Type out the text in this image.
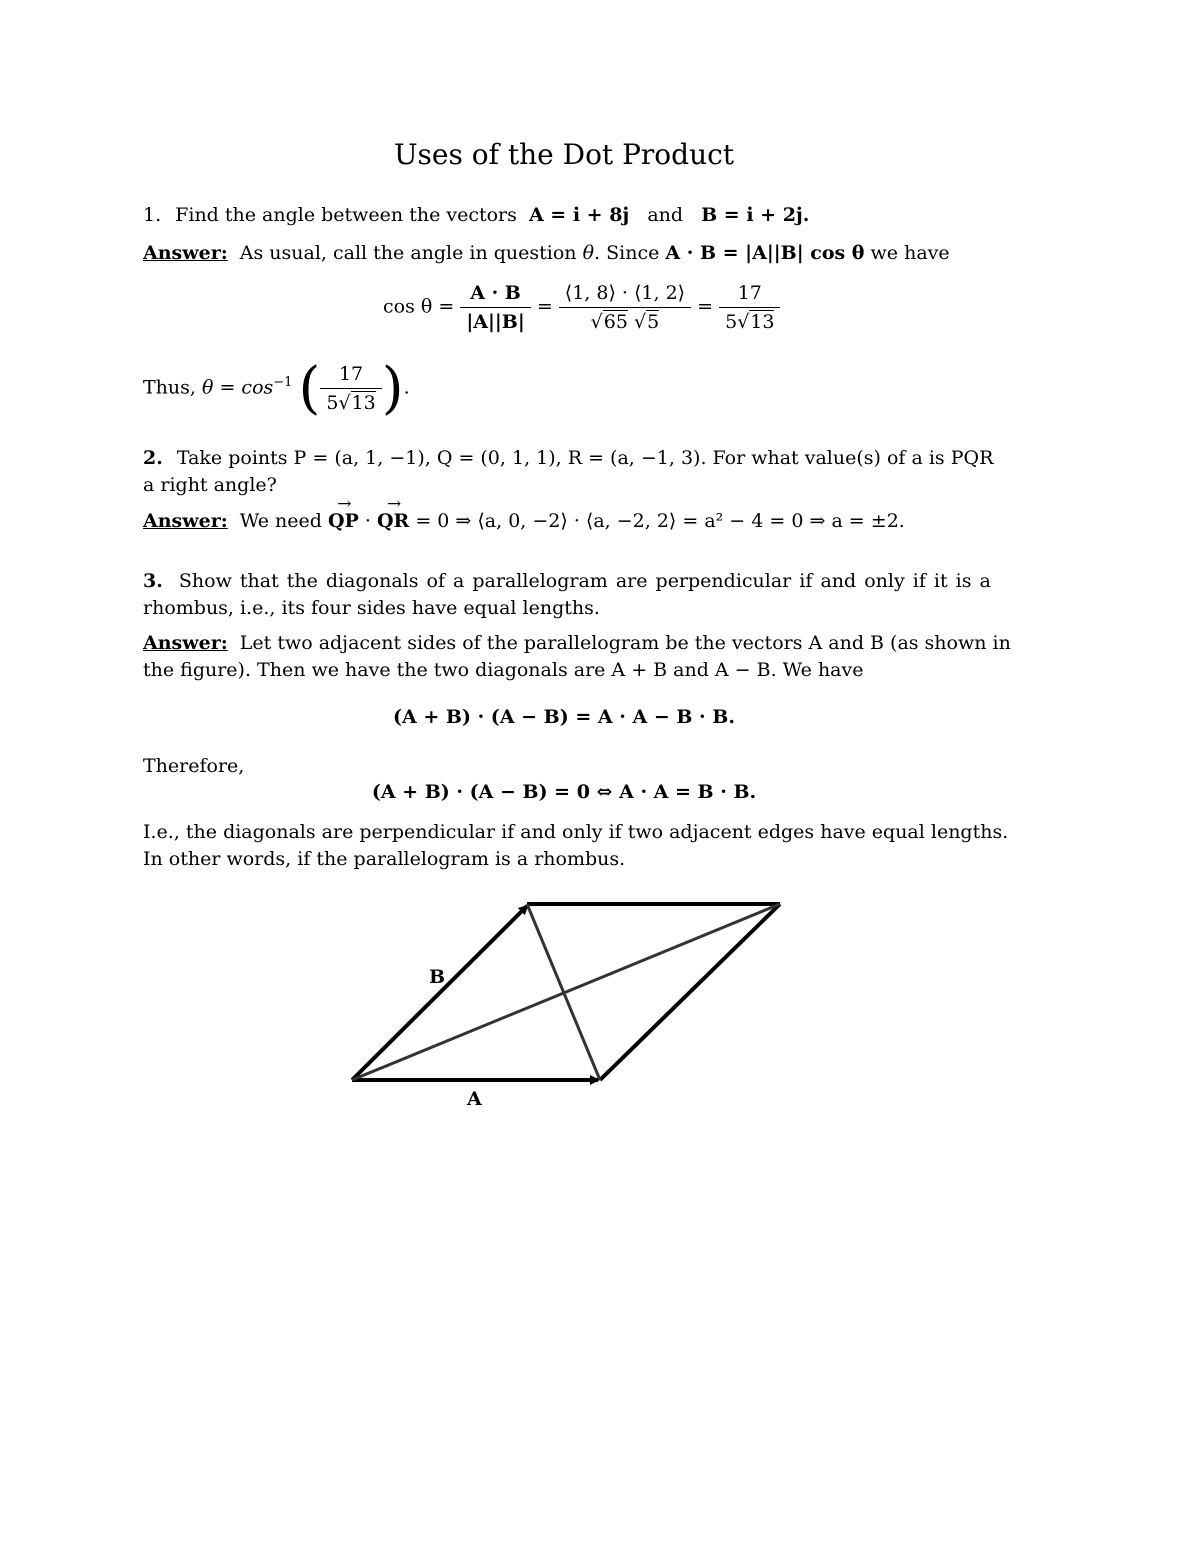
Uses of the Dot Product
1. Find the angle between the vectors A = i + 8j and B = i + 2j.
Answer: As usual, call the angle in question θ. Since A · B = |A||B| cos θ we have
$\cos \theta = \frac{A \cdot B}{|A||B|} = \frac{⟨1, 8⟩ \cdot ⟨1, 2⟩}{√65 √5} = \frac{17}{5√13}$
Thus, $\theta = \cos^{-1}$ ( $\frac{17}{5√13}$ ).
2. Take points P = (a, 1, −1), Q = (0, 1, 1), R = (a, −1, 3). For what value(s) of a is PQR
a right angle?
Answer: We need → QP · → QR = 0 ⇒ ⟨a, 0, −2⟩ · ⟨a, −2, 2⟩ = a² − 4 = 0 ⇒ a = ±2.
3. Show that the diagonals of a parallelogram are perpendicular if and only if it is a
rhombus, i.e., its four sides have equal lengths.
Answer: Let two adjacent sides of the parallelogram be the vectors A and B (as shown in
the figure). Then we have the two diagonals are A + B and A − B. We have
(A + B) · (A − B) = A · A − B · B.
Therefore,
(A + B) · (A − B) = 0 ⇔ A · A = B · B.
I.e., the diagonals are perpendicular if and only if two adjacent edges have equal lengths.
In other words, if the parallelogram is a rhombus.
B
A
